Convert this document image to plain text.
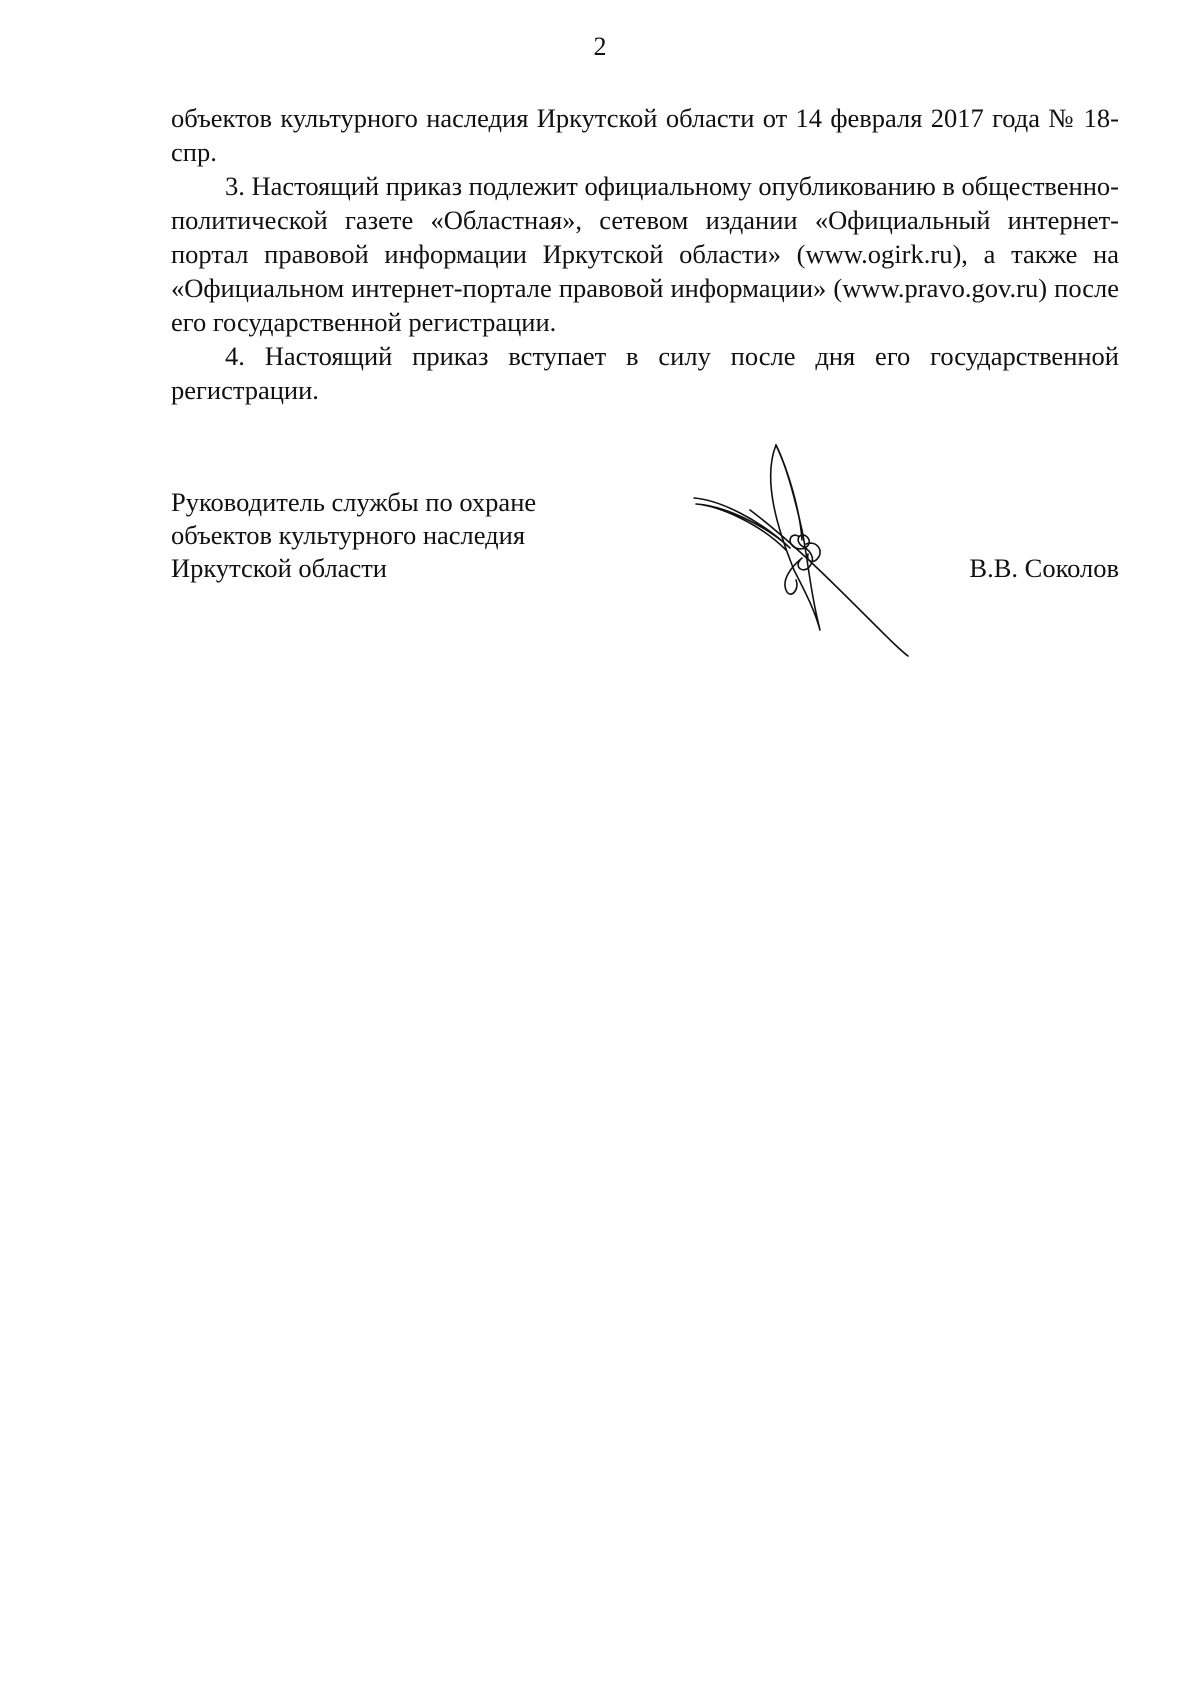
2

объектов культурного наследия Иркутской области от 14 февраля 2017 года № 18-спр.

3. Настоящий приказ подлежит официальному опубликованию в общественно-политической газете «Областная», сетевом издании «Официальный интернет-портал правовой информации Иркутской области» (www.ogirk.ru), а также на «Официальном интернет-портале правовой информации» (www.pravo.gov.ru) после его государственной регистрации.

4. Настоящий приказ вступает в силу после дня его государственной регистрации.

Руководитель службы по охране
объектов культурного наследия
Иркутской области	В.В. Соколов
